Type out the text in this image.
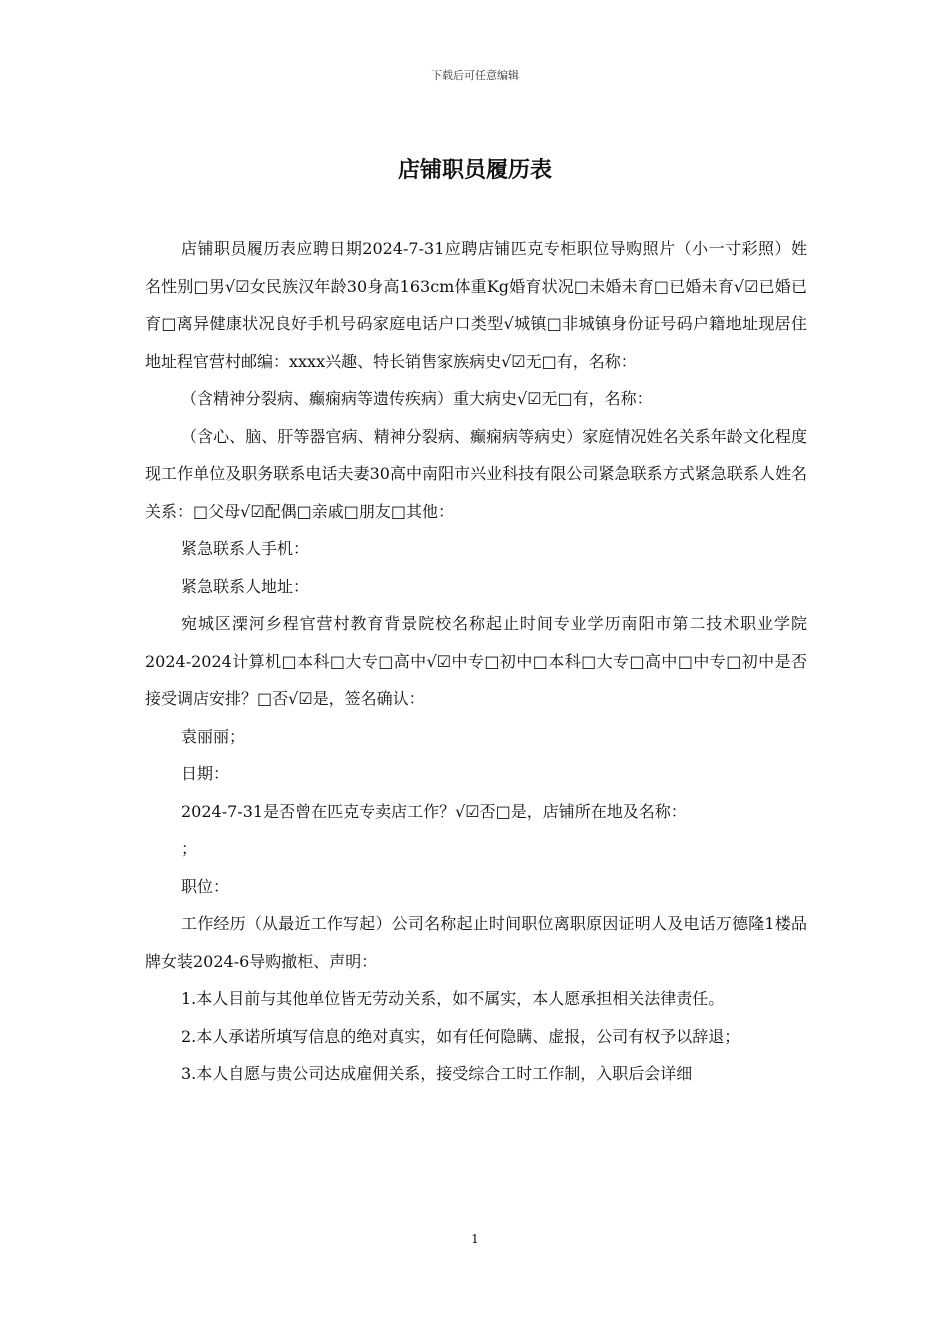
下载后可任意编辑
店铺职员履历表

店铺职员履历表应聘日期2024-7-31应聘店铺匹克专柜职位导购照片（小一寸彩照）姓名性别□男√☑女民族汉年龄30身高163cm体重Kg婚育状况□未婚未育□已婚未育√☑已婚已育□离异健康状况良好手机号码家庭电话户口类型√城镇□非城镇身份证号码户籍地址现居住地址程官营村邮编：xxxx兴趣、特长销售家族病史√☑无□有，名称：

（含精神分裂病、癫痫病等遗传疾病）重大病史√☑无□有，名称：

（含心、脑、肝等器官病、精神分裂病、癫痫病等病史）家庭情况姓名关系年龄文化程度现工作单位及职务联系电话夫妻30高中南阳市兴业科技有限公司紧急联系方式紧急联系人姓名关系：□父母√☑配偶□亲戚□朋友□其他：

紧急联系人手机：

紧急联系人地址：

宛城区溧河乡程官营村教育背景院校名称起止时间专业学历南阳市第二技术职业学院2024-2024计算机□本科□大专□高中√☑中专□初中□本科□大专□高中□中专□初中是否接受调店安排？□否√☑是，签名确认：

袁丽丽；

日期：

2024-7-31是否曾在匹克专卖店工作？√☑否□是，店铺所在地及名称：

；

职位：

工作经历（从最近工作写起）公司名称起止时间职位离职原因证明人及电话万德隆1楼品牌女装2024-6导购撤柜、声明：

1.本人目前与其他单位皆无劳动关系，如不属实，本人愿承担相关法律责任。

2.本人承诺所填写信息的绝对真实，如有任何隐瞒、虚报，公司有权予以辞退；

3.本人自愿与贵公司达成雇佣关系，接受综合工时工作制，入职后会详细

1
